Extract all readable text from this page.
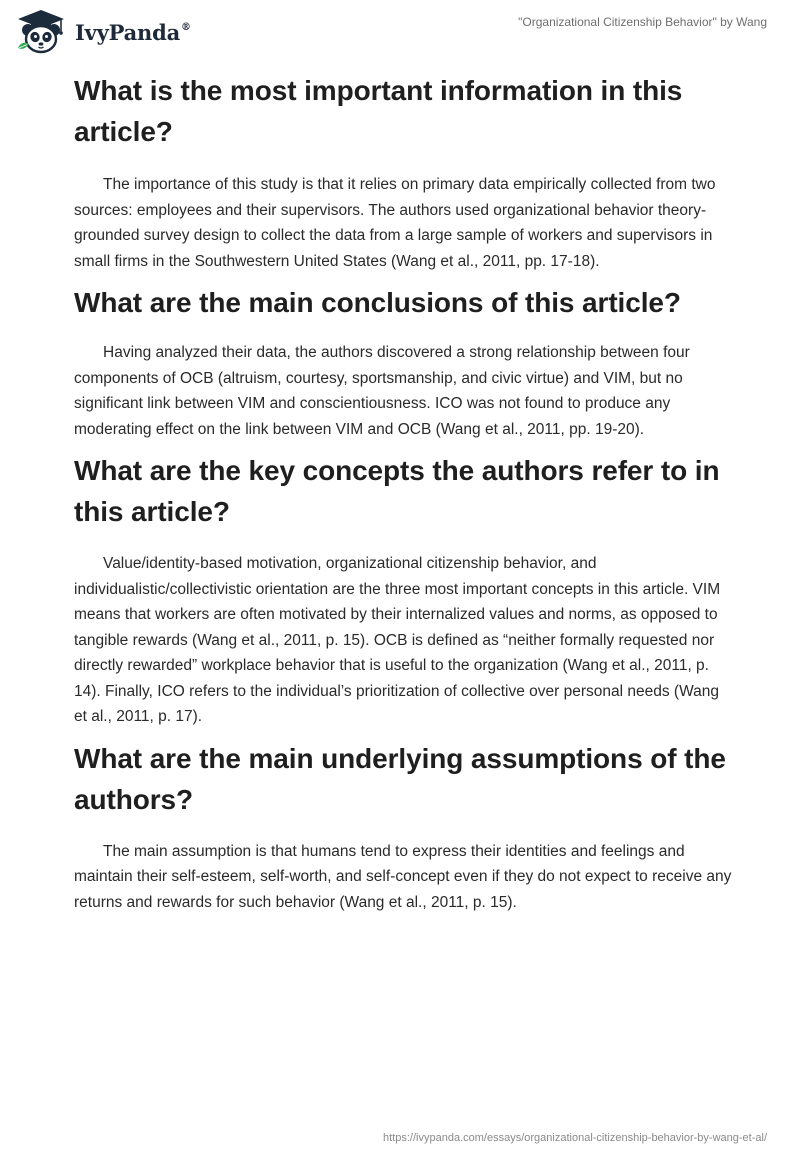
IvyPanda®	"Organizational Citizenship Behavior" by Wang
What is the most important information in this article?

The importance of this study is that it relies on primary data empirically collected from two sources: employees and their supervisors. The authors used organizational behavior theory-grounded survey design to collect the data from a large sample of workers and supervisors in small firms in the Southwestern United States (Wang et al., 2011, pp. 17-18).

What are the main conclusions of this article?

Having analyzed their data, the authors discovered a strong relationship between four components of OCB (altruism, courtesy, sportsmanship, and civic virtue) and VIM, but no significant link between VIM and conscientiousness. ICO was not found to produce any moderating effect on the link between VIM and OCB (Wang et al., 2011, pp. 19-20).

What are the key concepts the authors refer to in this article?

Value/identity-based motivation, organizational citizenship behavior, and individualistic/collectivistic orientation are the three most important concepts in this article. VIM means that workers are often motivated by their internalized values and norms, as opposed to tangible rewards (Wang et al., 2011, p. 15). OCB is defined as “neither formally requested nor directly rewarded” workplace behavior that is useful to the organization (Wang et al., 2011, p. 14). Finally, ICO refers to the individual’s prioritization of collective over personal needs (Wang et al., 2011, p. 17).

What are the main underlying assumptions of the authors?

The main assumption is that humans tend to express their identities and feelings and maintain their self-esteem, self-worth, and self-concept even if they do not expect to receive any returns and rewards for such behavior (Wang et al., 2011, p. 15).

https://ivypanda.com/essays/organizational-citizenship-behavior-by-wang-et-al/
